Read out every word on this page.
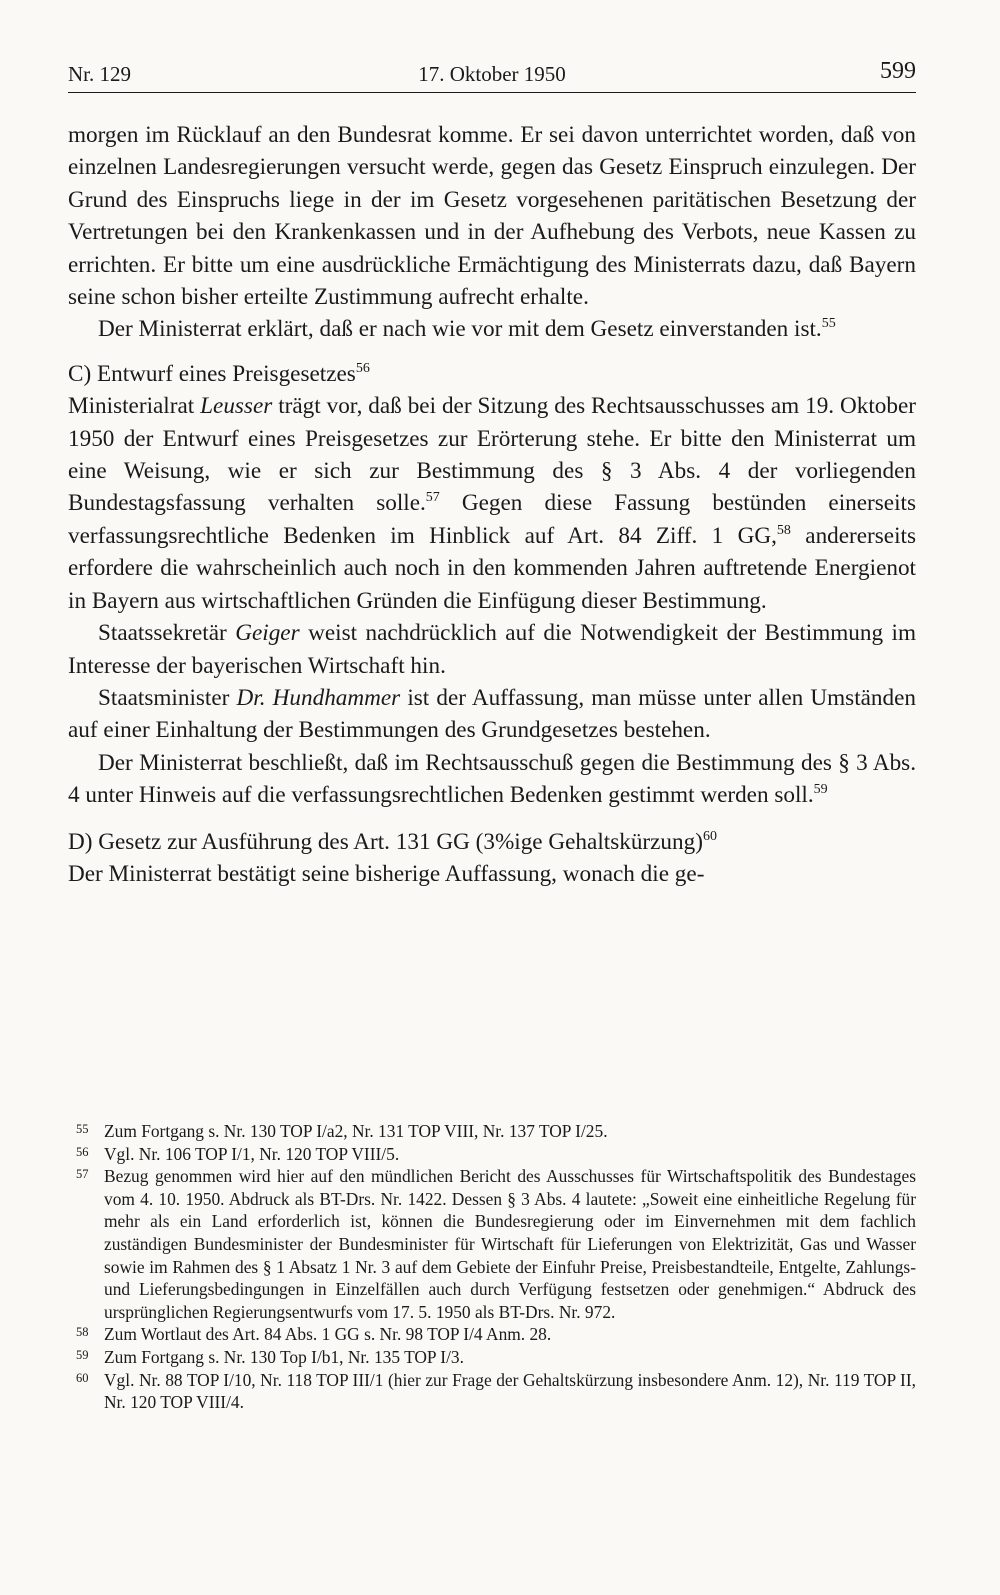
Nr. 129	17. Oktober 1950	599

morgen im Rücklauf an den Bundesrat komme. Er sei davon unterrichtet worden, daß von einzelnen Landesregierungen versucht werde, gegen das Gesetz Einspruch einzulegen. Der Grund des Einspruchs liege in der im Gesetz vorgesehenen paritätischen Besetzung der Vertretungen bei den Krankenkassen und in der Aufhebung des Verbots, neue Kassen zu errichten. Er bitte um eine ausdrückliche Ermächtigung des Ministerrats dazu, daß Bayern seine schon bisher erteilte Zustimmung aufrecht erhalte.

Der Ministerrat erklärt, daß er nach wie vor mit dem Gesetz einverstanden ist.$^{55}$

C) Entwurf eines Preisgesetzes$^{56}$

Ministerialrat Leusser trägt vor, daß bei der Sitzung des Rechtsausschusses am 19. Oktober 1950 der Entwurf eines Preisgesetzes zur Erörterung stehe. Er bitte den Ministerrat um eine Weisung, wie er sich zur Bestimmung des § 3 Abs. 4 der vorliegenden Bundestagsfassung verhalten solle.$^{57}$ Gegen diese Fassung bestünden einerseits verfassungsrechtliche Bedenken im Hinblick auf Art. 84 Ziff. 1 GG,$^{58}$ andererseits erfordere die wahrscheinlich auch noch in den kommenden Jahren auftretende Energienot in Bayern aus wirtschaftlichen Gründen die Einfügung dieser Bestimmung.

Staatssekretär Geiger weist nachdrücklich auf die Notwendigkeit der Bestimmung im Interesse der bayerischen Wirtschaft hin.

Staatsminister Dr. Hundhammer ist der Auffassung, man müsse unter allen Umständen auf einer Einhaltung der Bestimmungen des Grundgesetzes bestehen.

Der Ministerrat beschließt, daß im Rechtsausschuß gegen die Bestimmung des § 3 Abs. 4 unter Hinweis auf die verfassungsrechtlichen Bedenken gestimmt werden soll.$^{59}$

D) Gesetz zur Ausführung des Art. 131 GG (3%ige Gehaltskürzung)$^{60}$

Der Ministerrat bestätigt seine bisherige Auffassung, wonach die ge-

55 Zum Fortgang s. Nr. 130 TOP I/a2, Nr. 131 TOP VIII, Nr. 137 TOP I/25.
56 Vgl. Nr. 106 TOP I/1, Nr. 120 TOP VIII/5.
57 Bezug genommen wird hier auf den mündlichen Bericht des Ausschusses für Wirtschaftspolitik des Bundestages vom 4. 10. 1950. Abdruck als BT-Drs. Nr. 1422. Dessen § 3 Abs. 4 lautete: „Soweit eine einheitliche Regelung für mehr als ein Land erforderlich ist, können die Bundesregierung oder im Einvernehmen mit dem fachlich zuständigen Bundesminister der Bundesminister für Wirtschaft für Lieferungen von Elektrizität, Gas und Wasser sowie im Rahmen des § 1 Absatz 1 Nr. 3 auf dem Gebiete der Einfuhr Preise, Preisbestandteile, Entgelte, Zahlungs- und Lieferungsbedingungen in Einzelfällen auch durch Verfügung festsetzen oder genehmigen.“ Abdruck des ursprünglichen Regierungsentwurfs vom 17. 5. 1950 als BT-Drs. Nr. 972.
58 Zum Wortlaut des Art. 84 Abs. 1 GG s. Nr. 98 TOP I/4 Anm. 28.
59 Zum Fortgang s. Nr. 130 Top I/b1, Nr. 135 TOP I/3.
60 Vgl. Nr. 88 TOP I/10, Nr. 118 TOP III/1 (hier zur Frage der Gehaltskürzung insbesondere Anm. 12), Nr. 119 TOP II, Nr. 120 TOP VIII/4.
